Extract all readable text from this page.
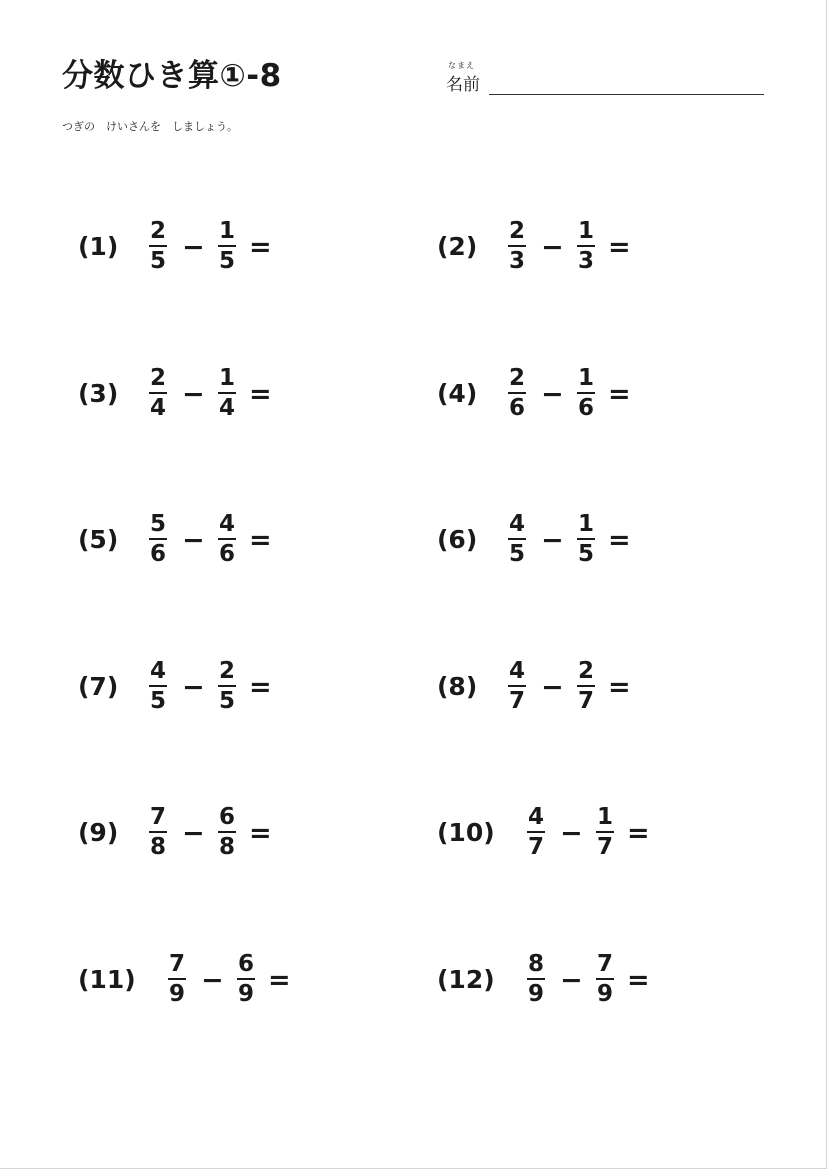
分数ひき算①-8	なまえ
名前
つぎの　けいさんを　しましょう。
(1)
2
5 −
1
5 =	(2)
2
3 −
1
3 =
(3)
2
4 −
1
4 =	(4)
2
6 −
1
6 =
(5)
5
6 −
4
6 =	(6)
4
5 −
1
5 =
(7)
4
5 −
2
5 =	(8)
4
7 −
2
7 =
(9)
7
8 −
6
8 =	(10)
4
7 −
1
7 =
(11)
7
9 −
6
9 =	(12)
8
9 −
7
9 =
